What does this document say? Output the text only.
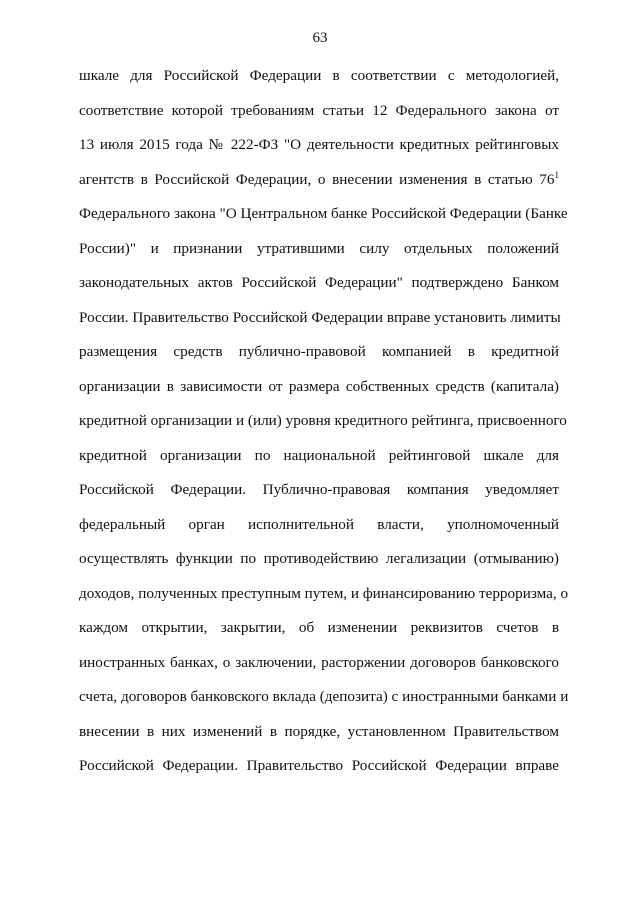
63
шкале для Российской Федерации в соответствии с методологией,
соответствие которой требованиям статьи 12 Федерального закона от
13 июля 2015 года № 222-ФЗ "О деятельности кредитных рейтинговых
агентств в Российской Федерации, о внесении изменения в статью $76^1$
Федерального закона "О Центральном банке Российской Федерации (Банке
России)" и признании утратившими силу отдельных положений
законодательных актов Российской Федерации" подтверждено Банком
России. Правительство Российской Федерации вправе установить лимиты
размещения средств публично-правовой компанией в кредитной
организации в зависимости от размера собственных средств (капитала)
кредитной организации и (или) уровня кредитного рейтинга, присвоенного
кредитной организации по национальной рейтинговой шкале для
Российской Федерации. Публично-правовая компания уведомляет
федеральный орган исполнительной власти, уполномоченный
осуществлять функции по противодействию легализации (отмыванию)
доходов, полученных преступным путем, и финансированию терроризма, о
каждом открытии, закрытии, об изменении реквизитов счетов в
иностранных банках, о заключении, расторжении договоров банковского
счета, договоров банковского вклада (депозита) с иностранными банками и
внесении в них изменений в порядке, установленном Правительством
Российской Федерации. Правительство Российской Федерации вправе
